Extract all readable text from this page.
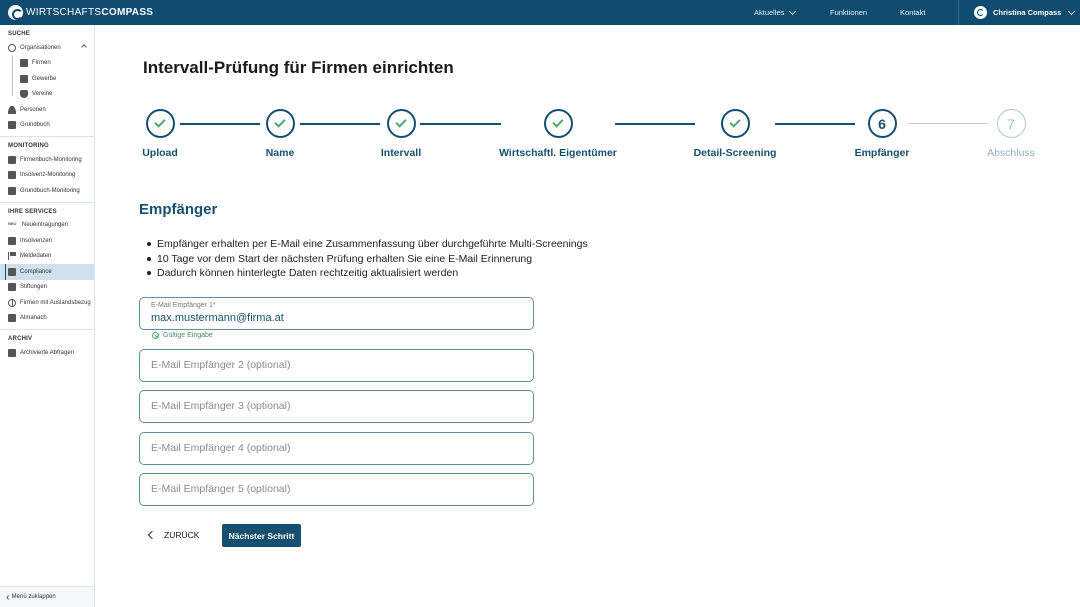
WIRTSCHAFTSCOMPASS	Aktuelles	Funktionen	Kontakt	Christina Compass
SUCHE
Organisationen
Firmen
Gewerbe
Vereine
Personen
Grundbuch
MONITORING
Firmenbuch-Monitoring
Insolvenz-Monitoring
Grundbuch-Monitoring
IHRE SERVICES
NEU Neueintragungen
Insolvenzen
Meldedaten
Compliance
Stiftungen
Firmen mit Auslandsbezug
Almanach
ARCHIV
Archivierte Abfragen
‹‹ Menü zuklappen
Intervall-Prüfung für Firmen einrichten
Upload	Name	Intervall	Wirtschaftl. Eigentümer	Detail-Screening
6
Empfänger
7
Abschluss
Empfänger
Empfänger erhalten per E-Mail eine Zusammenfassung über durchgeführte Multi-Screenings
10 Tage vor dem Start der nächsten Prüfung erhalten Sie eine E-Mail Erinnerung
Dadurch können hinterlegte Daten rechtzeitig aktualisiert werden
E-Mail Empfänger 1*
max.mustermann@firma.at
Gültige Eingabe
E-Mail Empfänger 2 (optional)
E-Mail Empfänger 3 (optional)
E-Mail Empfänger 4 (optional)
E-Mail Empfänger 5 (optional)
ZURÜCK	Nächster Schritt
